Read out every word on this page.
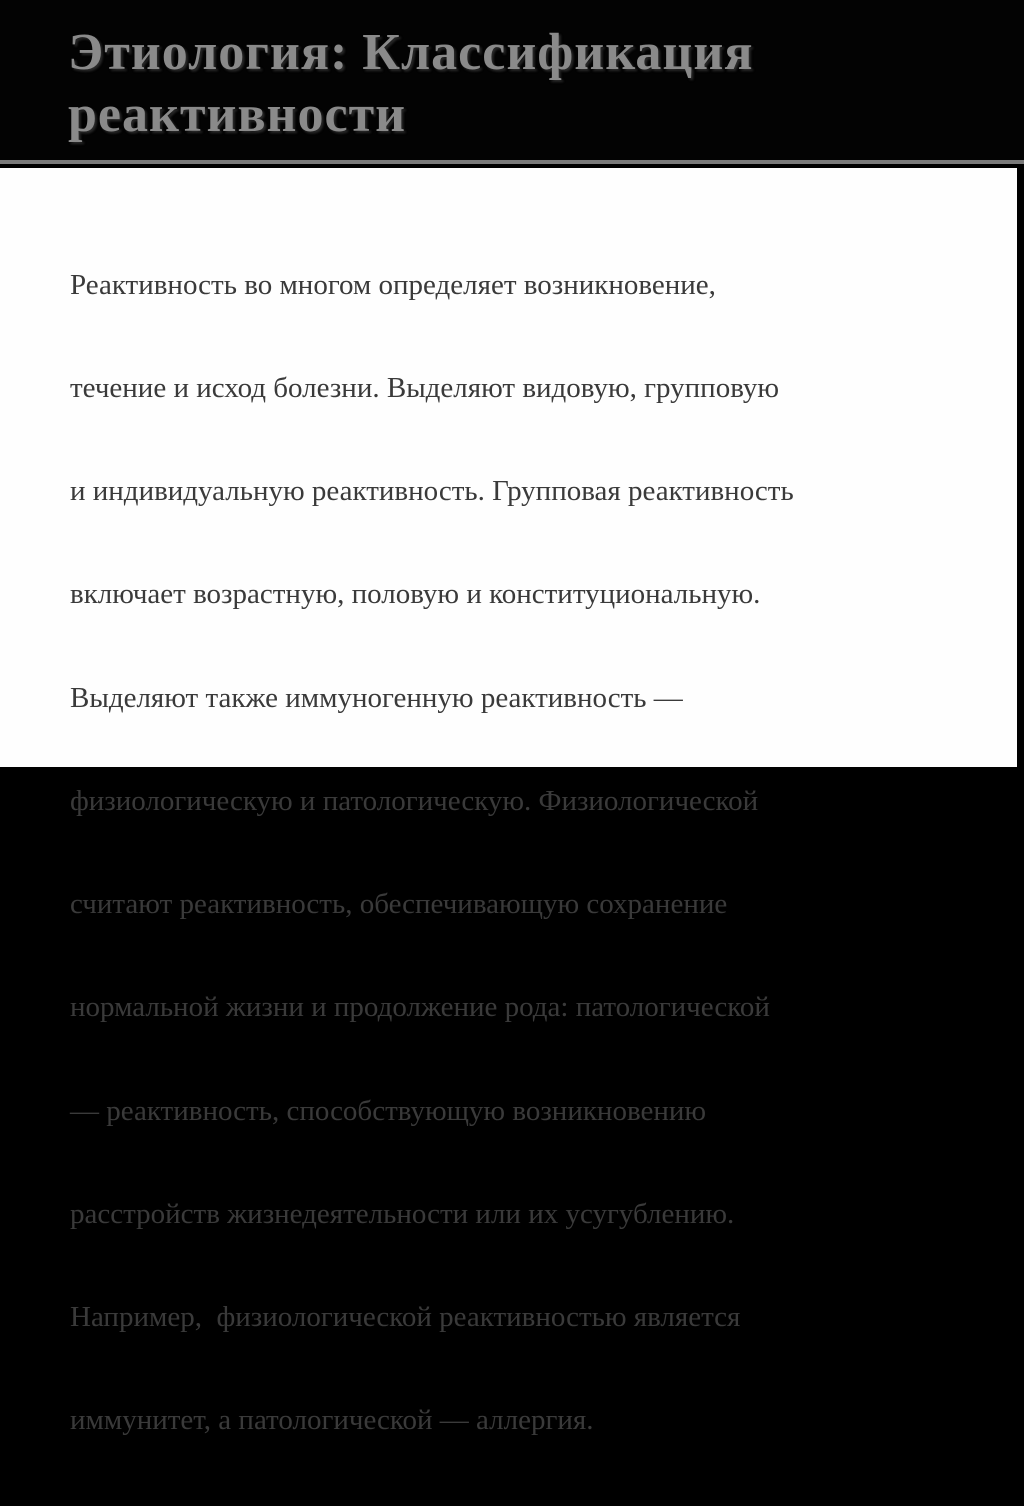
Этиология: Классификация
реактивности

Реактивность во многом определяет возникновение,

течение и исход болезни. Выделяют видовую, групповую

и индивидуальную реактивность. Групповая реактивность

включает возрастную, половую и конституциональную.

Выделяют также иммуногенную реактивность —

физиологическую и патологическую. Физиологической

считают реактивность, обеспечивающую сохранение

нормальной жизни и продолжение рода: патологической

— реактивность, способствующую возникновению

расстройств жизнедеятельности или их усугублению.

Например,  физиологической реактивностью является

иммунитет, а патологической — аллергия.
